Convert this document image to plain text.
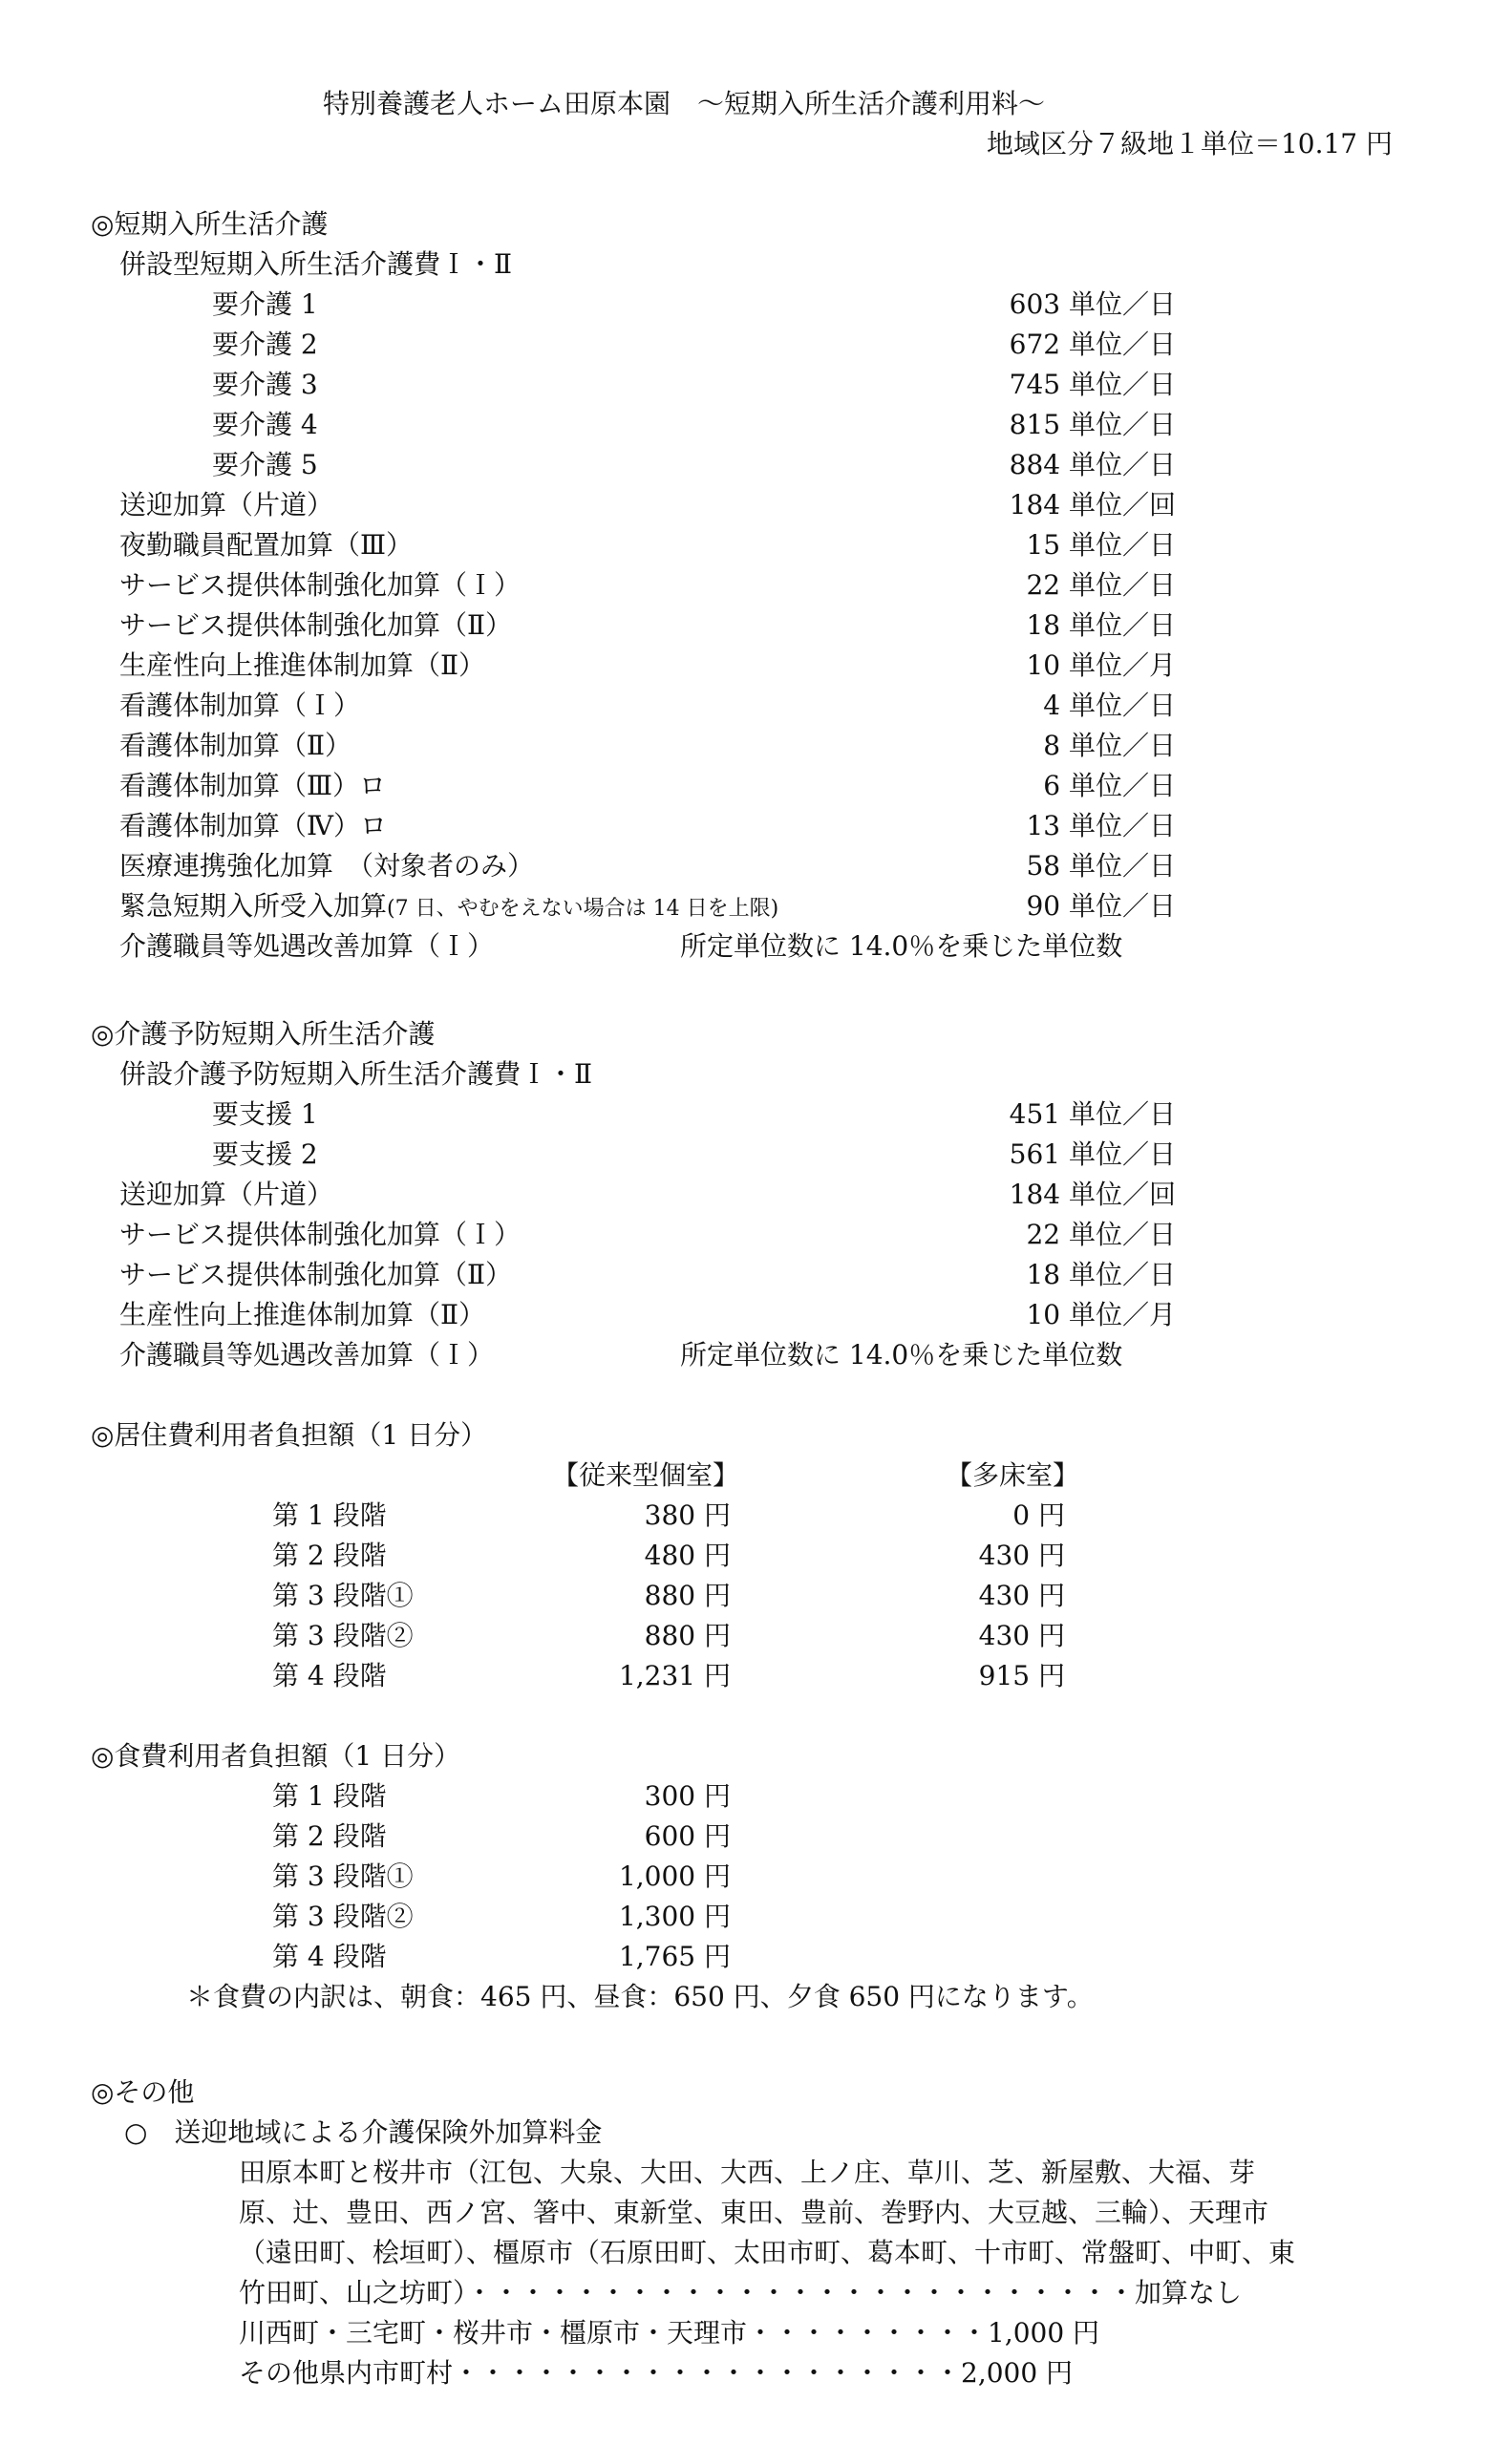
特別養護老人ホーム田原本園　～短期入所生活介護利用料～
地域区分７級地１単位＝10.17 円
◎短期入所生活介護
併設型短期入所生活介護費Ｉ・Ⅱ
要介護 1	603 単位／日
要介護 2	672 単位／日
要介護 3	745 単位／日
要介護 4	815 単位／日
要介護 5	884 単位／日
送迎加算（片道）	184 単位／回
夜勤職員配置加算（Ⅲ）	15 単位／日
サービス提供体制強化加算（Ｉ）	22 単位／日
サービス提供体制強化加算（Ⅱ）	18 単位／日
生産性向上推進体制加算（Ⅱ）	10 単位／月
看護体制加算（Ｉ）	4 単位／日
看護体制加算（Ⅱ）	8 単位／日
看護体制加算（Ⅲ）ロ	6 単位／日
看護体制加算（Ⅳ）ロ	13 単位／日
医療連携強化加算　（対象者のみ）	58 単位／日
緊急短期入所受入加算(7 日、やむをえない場合は 14 日を上限)	90 単位／日
介護職員等処遇改善加算（Ｉ）	所定単位数に 14.0％を乗じた単位数
◎介護予防短期入所生活介護
併設介護予防短期入所生活介護費Ｉ・Ⅱ
要支援 1	451 単位／日
要支援 2	561 単位／日
送迎加算（片道）	184 単位／回
サービス提供体制強化加算（Ｉ）	22 単位／日
サービス提供体制強化加算（Ⅱ）	18 単位／日
生産性向上推進体制加算（Ⅱ）	10 単位／月
介護職員等処遇改善加算（Ｉ）	所定単位数に 14.0％を乗じた単位数
◎居住費利用者負担額（1 日分）
【従来型個室】	【多床室】
第 1 段階	380 円	0 円
第 2 段階	480 円	430 円
第 3 段階①	880 円	430 円
第 3 段階②	880 円	430 円
第 4 段階	1,231 円	915 円
◎食費利用者負担額（1 日分）
第 1 段階	300 円
第 2 段階	600 円
第 3 段階①	1,000 円
第 3 段階②	1,300 円
第 4 段階	1,765 円
＊食費の内訳は、朝食：465 円、昼食：650 円、夕食 650 円になります。
◎その他
○　送迎地域による介護保険外加算料金
田原本町と桜井市（江包、大泉、大田、大西、上ノ庄、草川、芝、新屋敷、大福、芽
原、辻、豊田、西ノ宮、箸中、東新堂、東田、豊前、巻野内、大豆越、三輪）、天理市
（遠田町、桧垣町）、橿原市（石原田町、太田市町、葛本町、十市町、常盤町、中町、東
竹田町、山之坊町）・・・・・・・・・・・・・・・・・・・・・・・・・加算なし
川西町・三宅町・桜井市・橿原市・天理市・・・・・・・・・1,000 円
その他県内市町村・・・・・・・・・・・・・・・・・・・2,000 円
